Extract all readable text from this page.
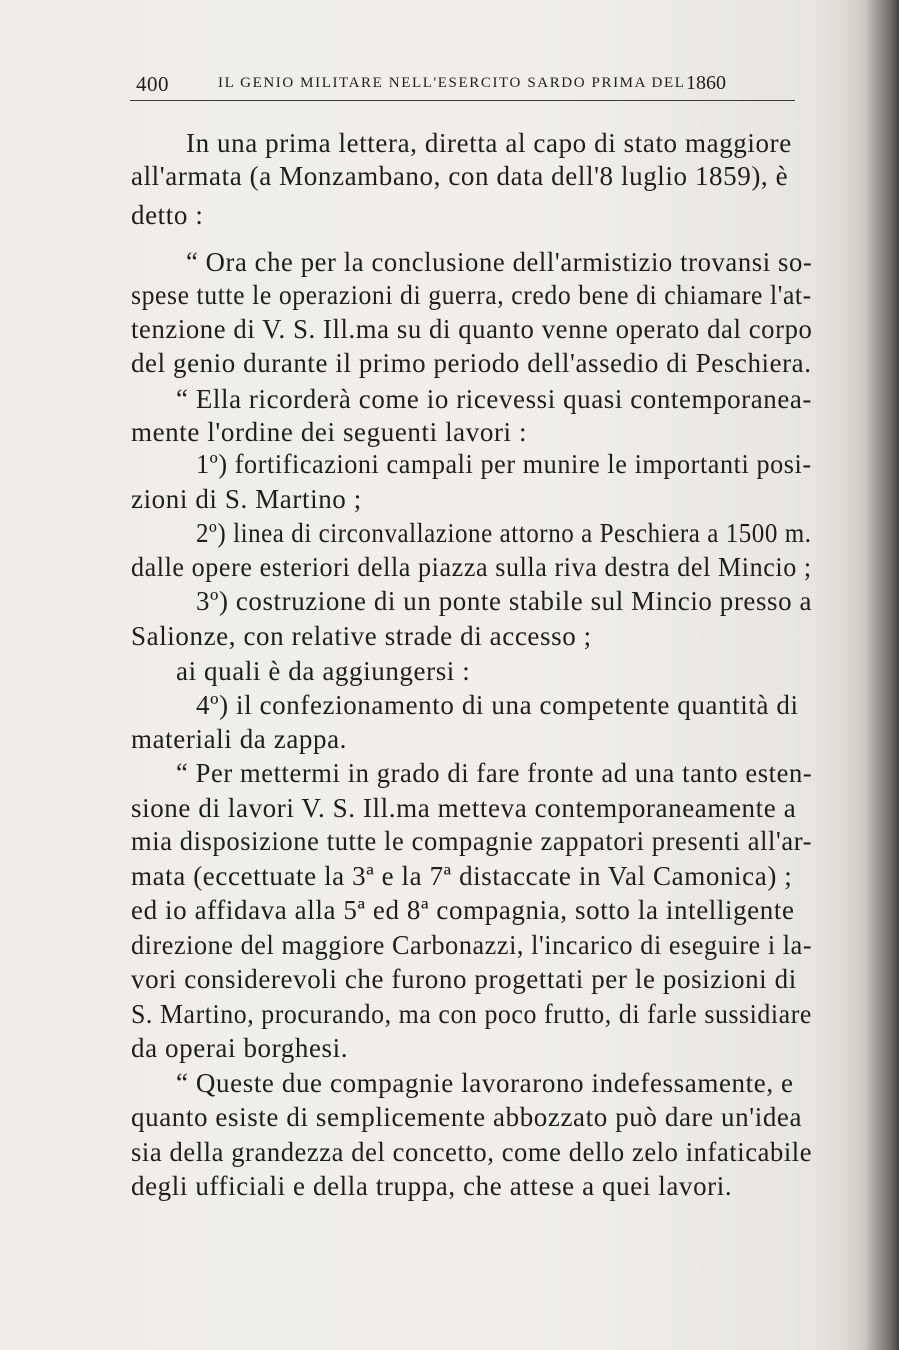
400	IL GENIO MILITARE NELL'ESERCITO SARDO PRIMA DEL 1860
In una prima lettera, diretta al capo di stato maggiore
all'armata (a Monzambano, con data dell'8 luglio 1859), è
detto :
“ Ora che per la conclusione dell'armistizio trovansi so-
spese tutte le operazioni di guerra, credo bene di chiamare l'at-
tenzione di V. S. Ill.ma su di quanto venne operato dal corpo
del genio durante il primo periodo dell'assedio di Peschiera.
“ Ella ricorderà come io ricevessi quasi contemporanea-
mente l'ordine dei seguenti lavori :
1º) fortificazioni campali per munire le importanti posi-
zioni di S. Martino ;
2º) linea di circonvallazione attorno a Peschiera a 1500 m.
dalle opere esteriori della piazza sulla riva destra del Mincio ;
3º) costruzione di un ponte stabile sul Mincio presso a
Salionze, con relative strade di accesso ;
ai quali è da aggiungersi :
4º) il confezionamento di una competente quantità di
materiali da zappa.
“ Per mettermi in grado di fare fronte ad una tanto esten-
sione di lavori V. S. Ill.ma metteva contemporaneamente a
mia disposizione tutte le compagnie zappatori presenti all'ar-
mata (eccettuate la 3ª e la 7ª distaccate in Val Camonica) ;
ed io affidava alla 5ª ed 8ª compagnia, sotto la intelligente
direzione del maggiore Carbonazzi, l'incarico di eseguire i la-
vori considerevoli che furono progettati per le posizioni di
S. Martino, procurando, ma con poco frutto, di farle sussidiare
da operai borghesi.
“ Queste due compagnie lavorarono indefessamente, e
quanto esiste di semplicemente abbozzato può dare un'idea
sia della grandezza del concetto, come dello zelo infaticabile
degli ufficiali e della truppa, che attese a quei lavori.
